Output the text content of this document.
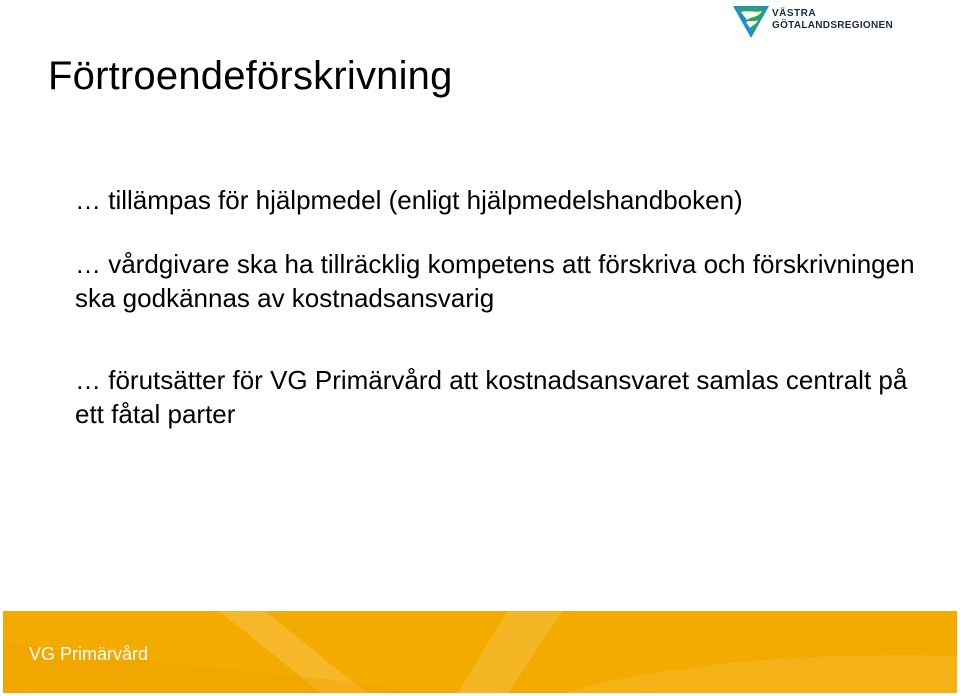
VÄSTRA
GÖTALANDSREGIONEN
Förtroendeförskrivning
… tillämpas för hjälpmedel (enligt hjälpmedelshandboken)
… vårdgivare ska ha tillräcklig kompetens att förskriva och förskrivningen ska godkännas av kostnadsansvarig
… förutsätter för VG Primärvård att kostnadsansvaret samlas centralt på ett fåtal parter
VG Primärvård
